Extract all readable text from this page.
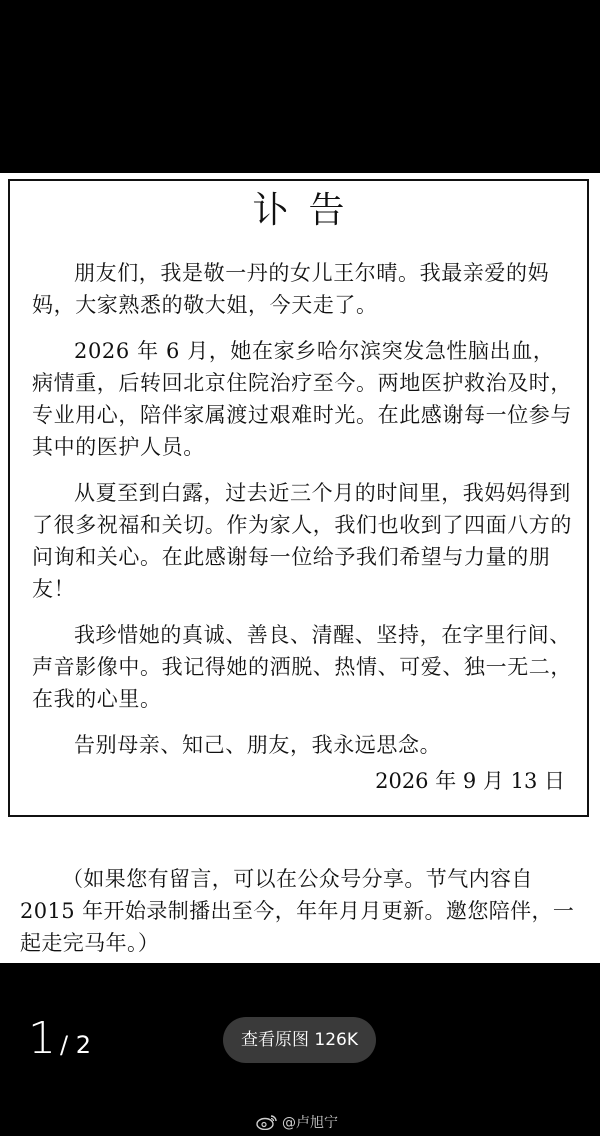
讣告

朋友们，我是敬一丹的女儿王尔晴。我最亲爱的妈妈，大家熟悉的敬大姐，今天走了。

2026 年 6 月，她在家乡哈尔滨突发急性脑出血，病情重，后转回北京住院治疗至今。两地医护救治及时，专业用心，陪伴家属渡过艰难时光。在此感谢每一位参与其中的医护人员。

从夏至到白露，过去近三个月的时间里，我妈妈得到了很多祝福和关切。作为家人，我们也收到了四面八方的问询和关心。在此感谢每一位给予我们希望与力量的朋友！

我珍惜她的真诚、善良、清醒、坚持，在字里行间、声音影像中。我记得她的洒脱、热情、可爱、独一无二，在我的心里。

告别母亲、知己、朋友，我永远思念。

2026 年 9 月 13 日

（如果您有留言，可以在公众号分享。节气内容自 2015 年开始录制播出至今，年年月月更新。邀您陪伴，一起走完马年。）

1 / 2	查看原图 126K
@卢旭宁
